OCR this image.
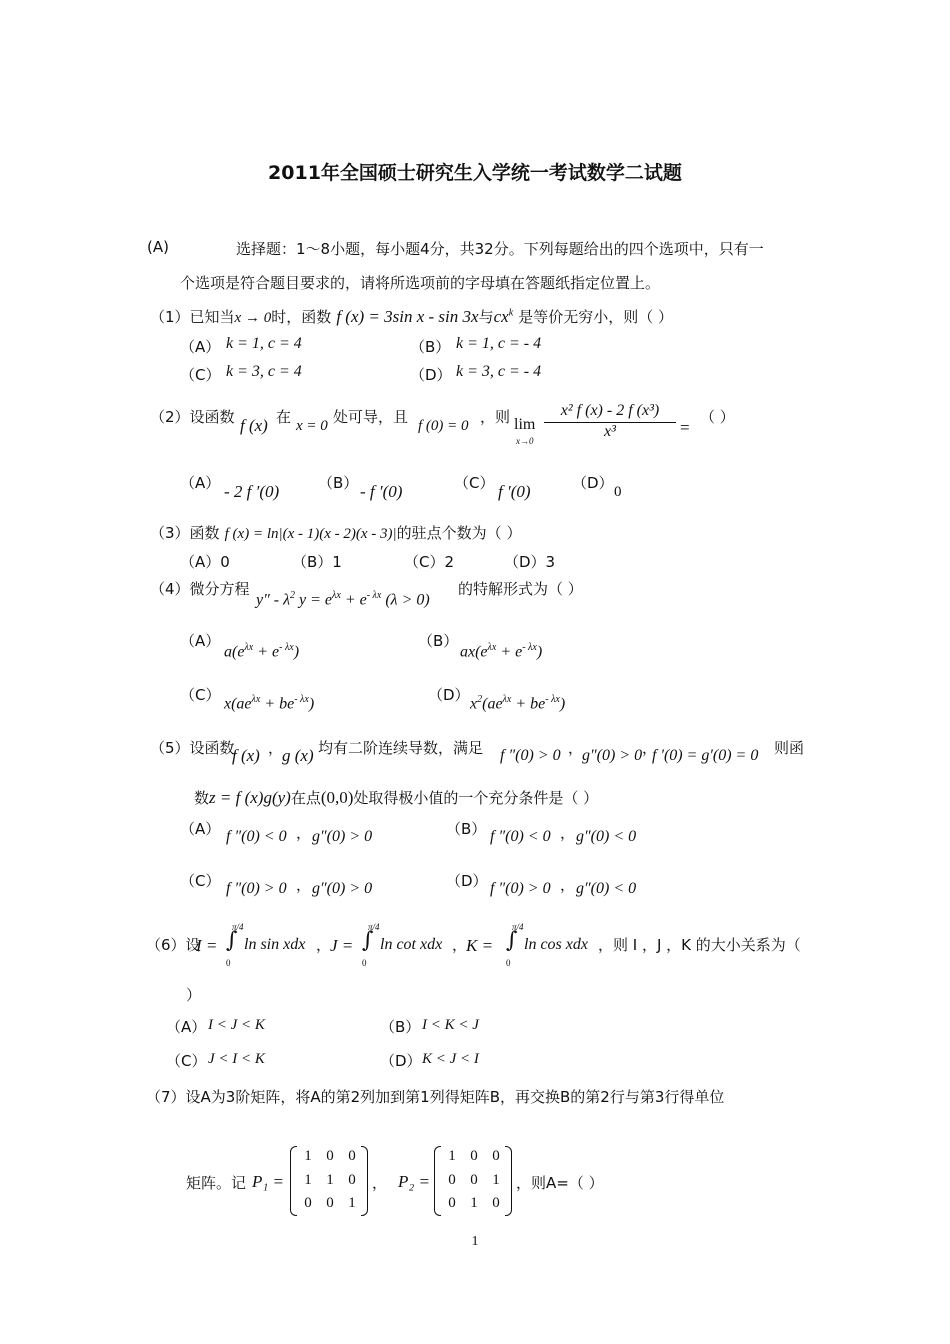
2011年全国硕士研究生入学统一考试数学二试题
(A)	选择题：1～8小题，每小题4分，共32分。下列每题给出的四个选项中，只有一
个选项是符合题目要求的，请将所选项前的字母填在答题纸指定位置上。
（1）已知当x → 0时，函数 f (x) = 3sin x - sin 3x与$cx^k$ 是等价无穷小，则（ ）
（A） k = 1, c = 4	（B） k = 1, c = - 4
（C） k = 3, c = 4	（D） k = 3, c = - 4
（2）设函数 f (x) 在 x = 0 处可导，且 f (0) = 0 ，则 lim
$x\to 0 \frac{\text{x² f (x) - 2 f (x³)}}{\text{x³}}$ =
（ ）
（A） - 2 f ′(0)	（B） - f ′(0)	（C） f ′(0)	（D） 0
（3）函数 f (x) = ln|(x - 1)(x - 2)(x - 3)|的驻点个数为（ ）
（A）0	（B）1	（C）2	（D）3
（4）微分方程
$y'' - \lambda^2$ $y = e^{\lambda x} + e^{- \lambda x}$ (λ > 0)
的特解形式为（ ）
（A）
$a(e^{\lambda x} + e^{- \lambda x})$
（B）
$ax(e^{\lambda x} + e^{- \lambda x})$
（C） $x(ae^{\lambda x} + be^{- \lambda x})$	（D） $x^2(ae^{\lambda x} + be^{- \lambda x})$
（5）设函数
f (x) ，
g (x) 均有二阶连续导数，满足 f ″(0) > 0 ，
g″(0) > 0 ，
f ′(0) = g′(0) = 0 则函
数z = f (x)g(y)在点(0,0)处取得极小值的一个充分条件是（ ）
（A） f ″(0) < 0 ， g″(0) > 0	（B） f ″(0) < 0 ， g″(0) < 0
（C） f ″(0) > 0 ， g″(0) > 0	（D） f ″(0) > 0 ， g″(0) < 0
（6）设
I =
π/4
∫
0
ln sin xdx ，
J =
π/4
∫
0
ln cot xdx ，
K =
π/4
∫
0
ln cos xdx ，则 I ，J ，K 的大小关系为（
）
（A） I < J < K	（B） I < K < J
（C） J < I < K	（D） K < J < I
（7）设A为3阶矩阵，将A的第2列加到第1列得矩阵B，再交换B的第2行与第3行得单位
矩阵。记 P₁ =
1 0 0
1 1 0
0 0 1
， P₂ =
1 0 0
0 0 1
0 1 0
，则A=（ ）
1
